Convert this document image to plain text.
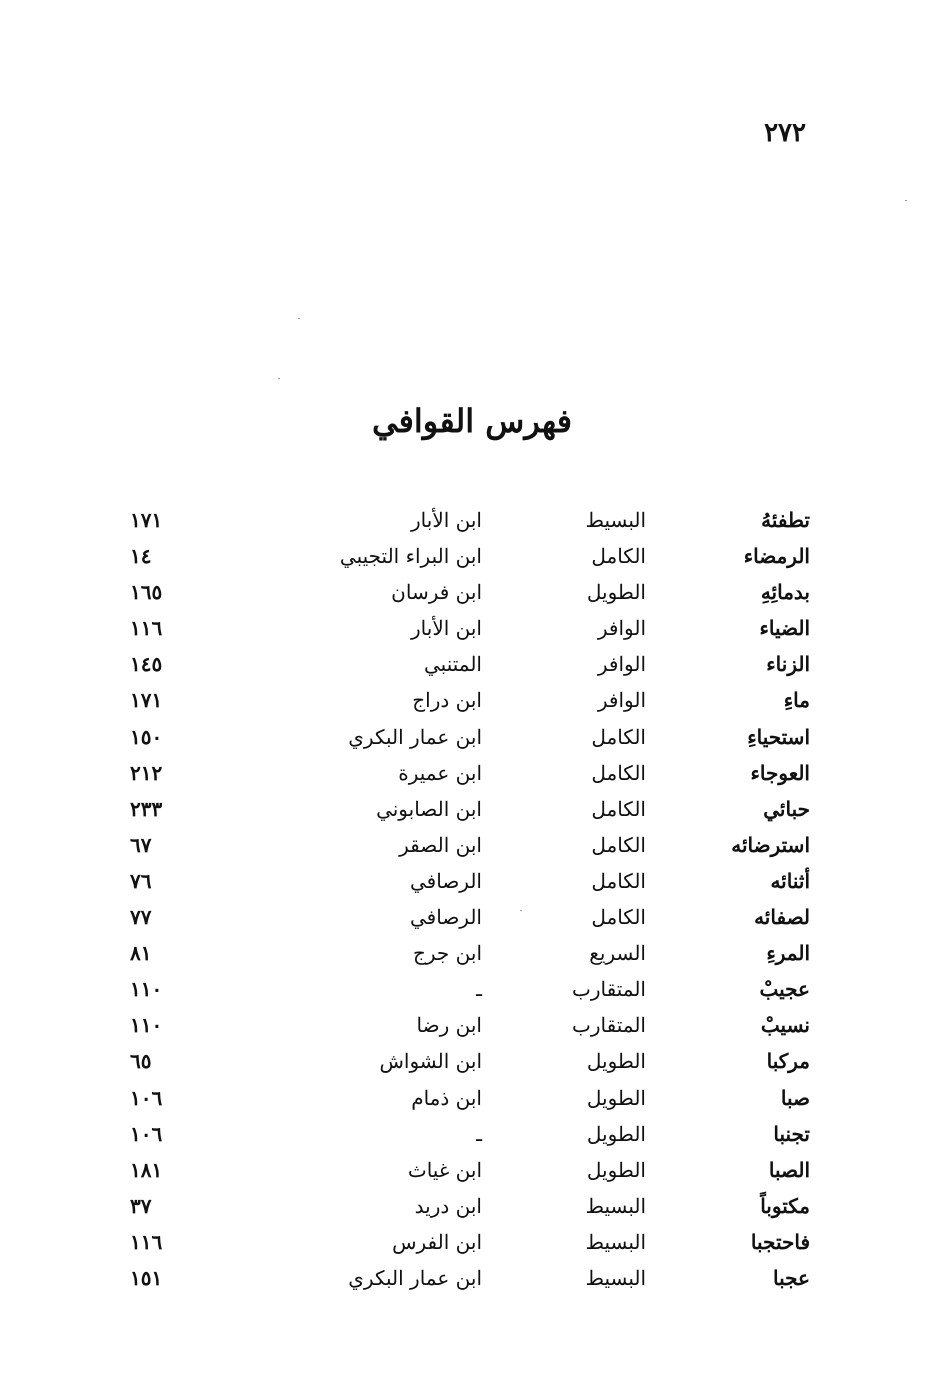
٢٧٢
فهرس القوافي
تطفئهُ
البسيط
ابن الأبار
١٧١
الرمضاء
الكامل
ابن البراء التجيبي
١٤
بدمائِهِ
الطويل
ابن فرسان
١٦٥
الضياء
الوافر
ابن الأبار
١١٦
الزناء
الوافر
المتنبي
١٤٥
ماءِ
الوافر
ابن دراج
١٧١
استحياءِ
الكامل
ابن عمار البكري
١٥٠
العوجاء
الكامل
ابن عميرة
٢١٢
حبائي
الكامل
ابن الصابوني
٢٣٣
استرضائه
الكامل
ابن الصقر
٦٧
أثنائه
الكامل
الرصافي
٧٦
لصفائه
الكامل
الرصافي
٧٧
المرءِ
السريع
ابن جرج
٨١
عجيبْ
المتقارب
ـ
١١٠
نسيبْ
المتقارب
ابن رضا
١١٠
مركبا
الطويل
ابن الشواش
٦٥
صبا
الطويل
ابن ذمام
١٠٦
تجنبا
الطويل
ـ
١٠٦
الصبا
الطويل
ابن غياث
١٨١
مكتوباً
البسيط
ابن دريد
٣٧
فاحتجبا
البسيط
ابن الفرس
١١٦
عجبا
البسيط
ابن عمار البكري
١٥١
